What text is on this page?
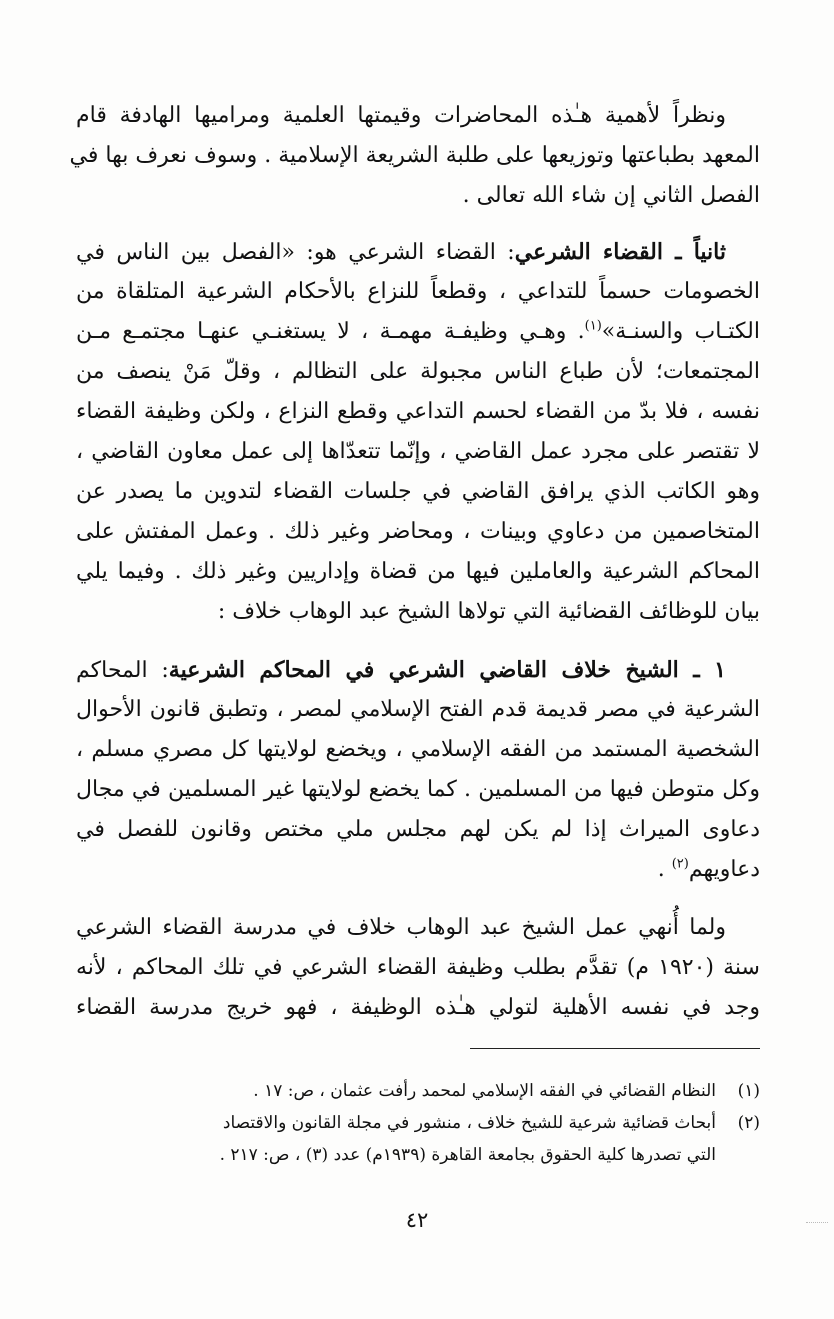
ونظراً لأهمية هـٰذه المحاضرات وقيمتها العلمية ومراميها الهادفة قام
المعهد بطباعتها وتوزيعها على طلبة الشريعة الإسلامية . وسوف نعرف بها في
الفصل الثاني إن شاء الله تعالى .
ثانياً ـ القضاء الشرعي: القضاء الشرعي هو: «الفصل بين الناس في
الخصومات حسماً للتداعي ، وقطعاً للنزاع بالأحكام الشرعية المتلقاة من
الكتـاب والسنـة»$^{(١)}$. وهـي وظيفـة مهمـة ، لا يستغنـي عنهـا مجتمـع مـن
المجتمعات؛ لأن طباع الناس مجبولة على التظالم ، وقلّ مَنْ ينصف من
نفسه ، فلا بدّ من القضاء لحسم التداعي وقطع النزاع ، ولكن وظيفة القضاء
لا تقتصر على مجرد عمل القاضي ، وإنّما تتعدّاها إلى عمل معاون القاضي ،
وهو الكاتب الذي يرافق القاضي في جلسات القضاء لتدوين ما يصدر عن
المتخاصمين من دعاوي وبينات ، ومحاضر وغير ذلك . وعمل المفتش على
المحاكم الشرعية والعاملين فيها من قضاة وإداريين وغير ذلك . وفيما يلي
بيان للوظائف القضائية التي تولاها الشيخ عبد الوهاب خلاف :
١ ـ الشيخ خلاف القاضي الشرعي في المحاكم الشرعية: المحاكم
الشرعية في مصر قديمة قدم الفتح الإسلامي لمصر ، وتطبق قانون الأحوال
الشخصية المستمد من الفقه الإسلامي ، ويخضع لولايتها كل مصري مسلم ،
وكل متوطن فيها من المسلمين . كما يخضع لولايتها غير المسلمين في مجال
دعاوى الميراث إذا لم يكن لهم مجلس ملي مختص وقانون للفصل في
دعاويهم$^{(٢)}$ .
ولما أُنهي عمل الشيخ عبد الوهاب خلاف في مدرسة القضاء الشرعي
سنة (١٩٢٠ م) تقدَّم بطلب وظيفة القضاء الشرعي في تلك المحاكم ، لأنه
وجد في نفسه الأهلية لتولي هـٰذه الوظيفة ، فهو خريج مدرسة القضاء
(١)النظام القضائي في الفقه الإسلامي لمحمد رأفت عثمان ، ص: ١٧ .
(٢)أبحاث قضائية شرعية للشيخ خلاف ، منشور في مجلة القانون والاقتصاد
التي تصدرها كلية الحقوق بجامعة القاهرة (١٩٣٩م) عدد (٣) ، ص: ٢١٧ .
٤٢
